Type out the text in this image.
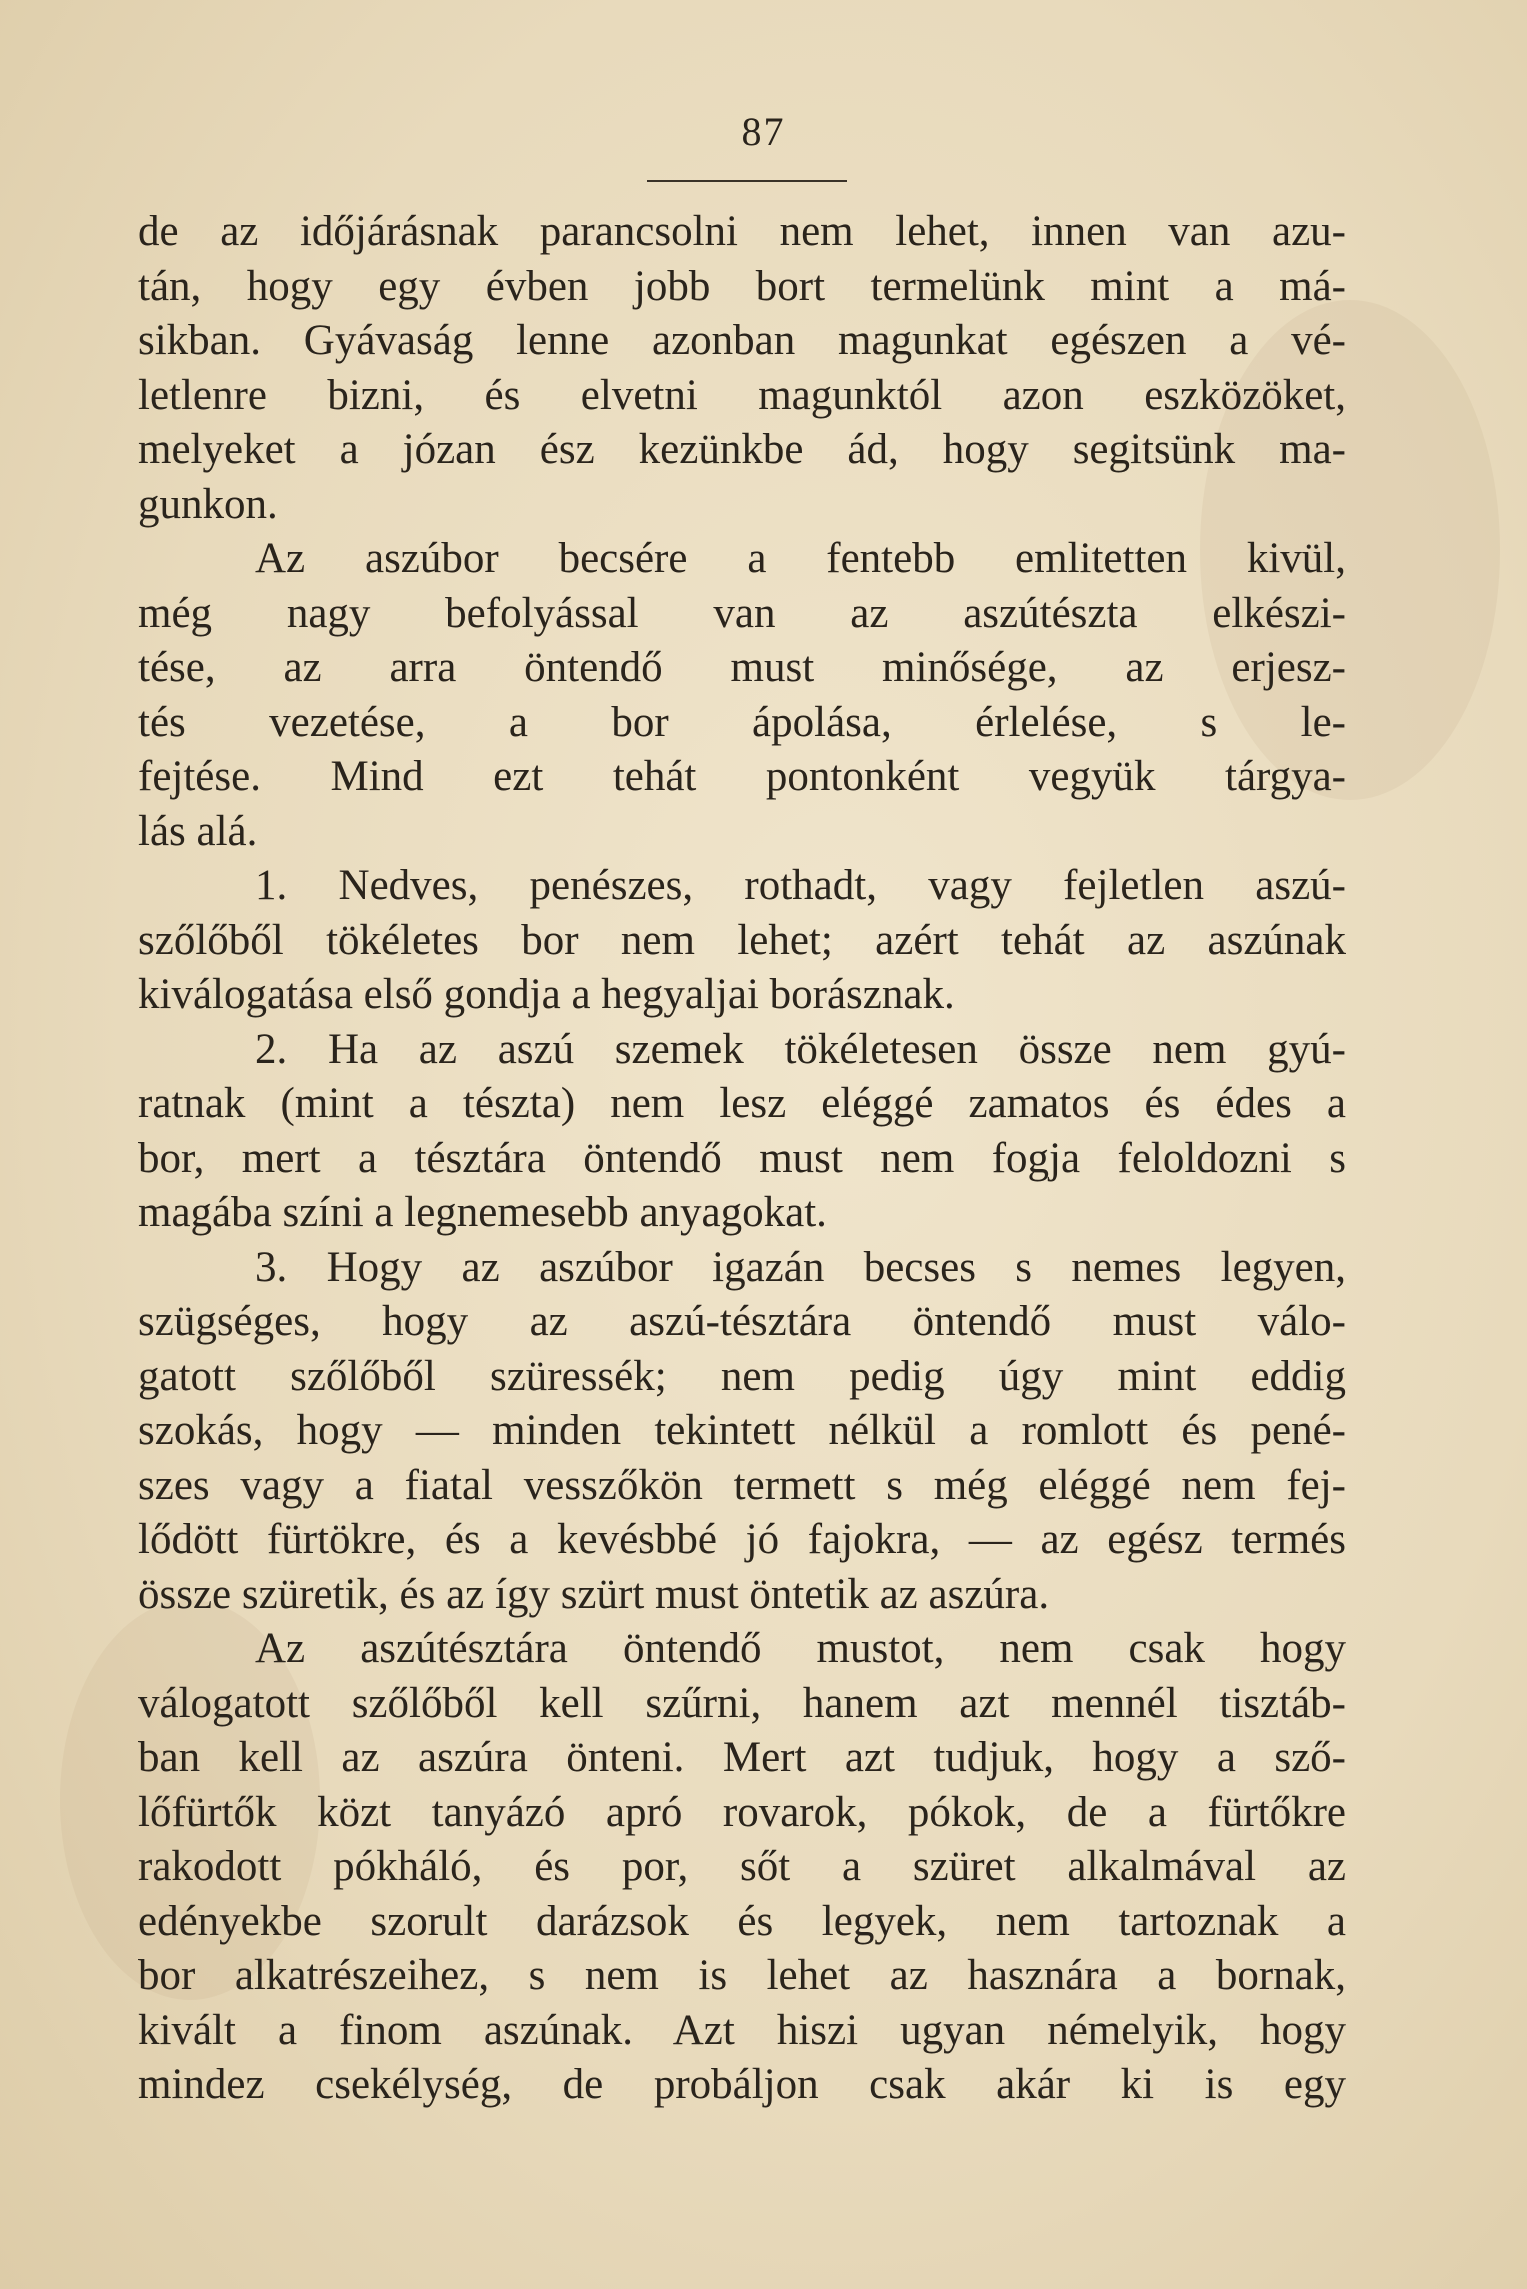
87
de az időjárásnak parancsolni nem lehet, innen van azu-
tán, hogy egy évben jobb bort termelünk mint a má-
sikban. Gyávaság lenne azonban magunkat egészen a vé-
letlenre bizni, és elvetni magunktól azon eszközöket,
melyeket a józan ész kezünkbe ád, hogy segitsünk ma-
gunkon.
Az aszúbor becsére a fentebb emlitetten kivül,
még nagy befolyással van az aszútészta elkészi-
tése, az arra öntendő must minősége, az erjesz-
tés vezetése, a bor ápolása, érlelése, s le-
fejtése. Mind ezt tehát pontonként vegyük tárgya-
lás alá.
1. Nedves, penészes, rothadt, vagy fejletlen aszú-
szőlőből tökéletes bor nem lehet; azért tehát az aszúnak
kiválogatása első gondja a hegyaljai borásznak.
2. Ha az aszú szemek tökéletesen össze nem gyú-
ratnak (mint a tészta) nem lesz eléggé zamatos és édes a
bor, mert a tésztára öntendő must nem fogja feloldozni s
magába színi a legnemesebb anyagokat.
3. Hogy az aszúbor igazán becses s nemes legyen,
szügséges, hogy az aszú-tésztára öntendő must válo-
gatott szőlőből szüressék; nem pedig úgy mint eddig
szokás, hogy — minden tekintett nélkül a romlott és pené-
szes vagy a fiatal vesszőkön termett s még eléggé nem fej-
lődött fürtökre, és a kevésbbé jó fajokra, — az egész termés
össze szüretik, és az így szürt must öntetik az aszúra.
Az aszútésztára öntendő mustot, nem csak hogy
válogatott szőlőből kell szűrni, hanem azt mennél tisztáb-
ban kell az aszúra önteni. Mert azt tudjuk, hogy a sző-
lőfürtők közt tanyázó apró rovarok, pókok, de a fürtőkre
rakodott pókháló, és por, sőt a szüret alkalmával az
edényekbe szorult darázsok és legyek, nem tartoznak a
bor alkatrészeihez, s nem is lehet az hasznára a bornak,
kivált a finom aszúnak. Azt hiszi ugyan némelyik, hogy
mindez csekélység, de probáljon csak akár ki is egy
